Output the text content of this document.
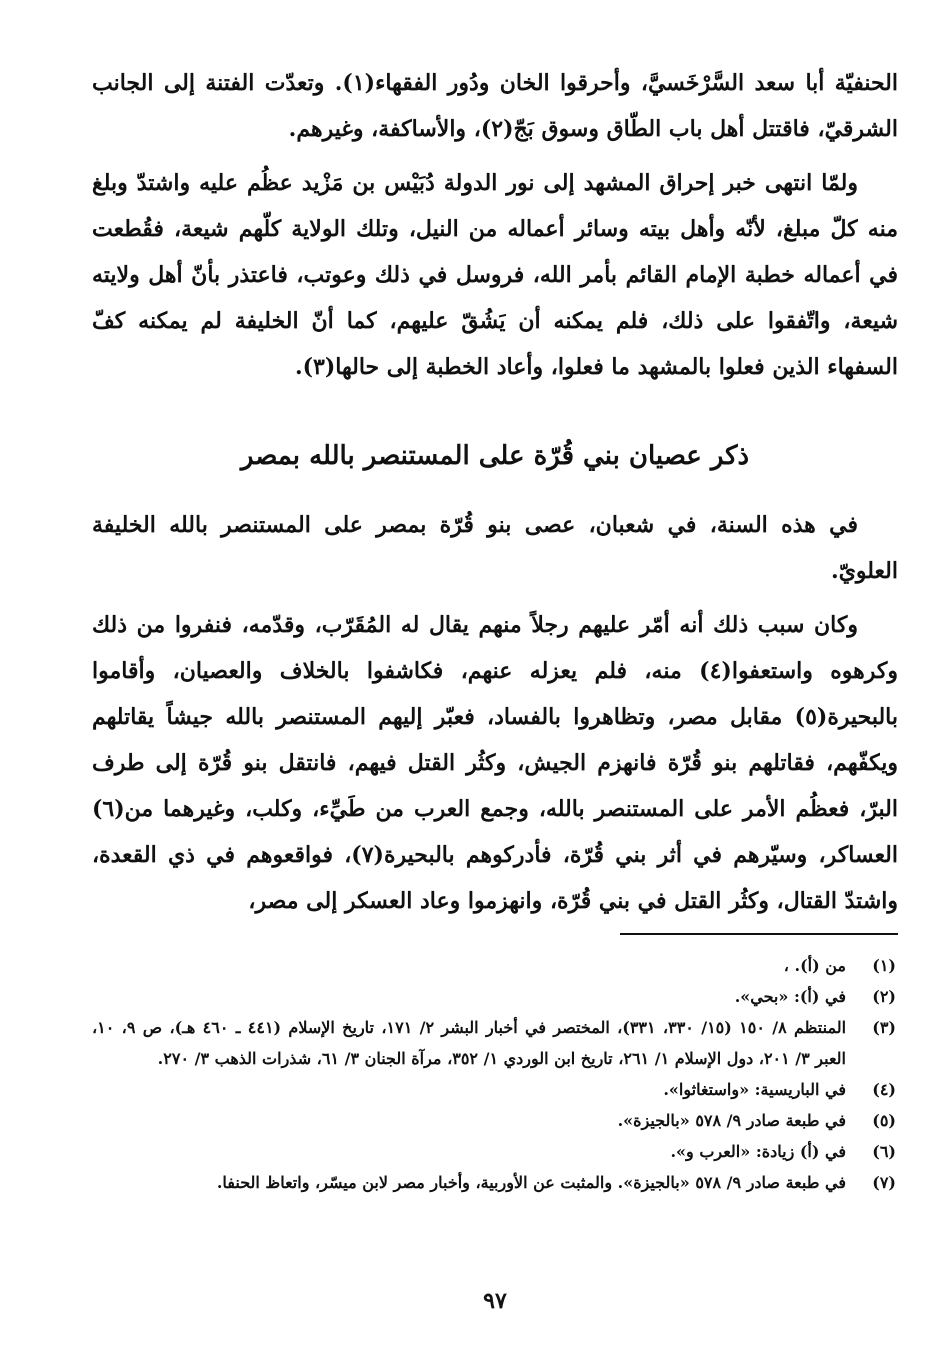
الحنفيّة أبا سعد السَّرْخَسيَّ، وأحرقوا الخان ودُور الفقهاء(١). وتعدّت الفتنة إلى الجانب الشرقيّ، فاقتتل أهل باب الطّاق وسوق بَجّ(٢)، والأساكفة، وغيرهم.

ولمّا انتهى خبر إحراق المشهد إلى نور الدولة دُبَيْس بن مَزْيد عظُم عليه واشتدّ وبلغ منه كلّ مبلغ، لأنّه وأهل بيته وسائر أعماله من النيل، وتلك الولاية كلّهم شيعة، فقُطعت في أعماله خطبة الإمام القائم بأمر الله، فروسل في ذلك وعوتب، فاعتذر بأنّ أهل ولايته شيعة، واتّفقوا على ذلك، فلم يمكنه أن يَشُقّ عليهم، كما أنّ الخليفة لم يمكنه كفّ السفهاء الذين فعلوا بالمشهد ما فعلوا، وأعاد الخطبة إلى حالها(٣).

ذكر عصيان بني قُرّة على المستنصر بالله بمصر

في هذه السنة، في شعبان، عصى بنو قُرّة بمصر على المستنصر بالله الخليفة العلويّ.

وكان سبب ذلك أنه أمّر عليهم رجلاً منهم يقال له المُقَرّب، وقدّمه، فنفروا من ذلك وكرهوه واستعفوا(٤) منه، فلم يعزله عنهم، فكاشفوا بالخلاف والعصيان، وأقاموا بالبحيرة(٥) مقابل مصر، وتظاهروا بالفساد، فعبّر إليهم المستنصر بالله جيشاً يقاتلهم ويكفّهم، فقاتلهم بنو قُرّة فانهزم الجيش، وكثُر القتل فيهم، فانتقل بنو قُرّة إلى طرف البرّ، فعظُم الأمر على المستنصر بالله، وجمع العرب من طَيِّء، وكلب، وغيرهما من(٦) العساكر، وسيّرهم في أثر بني قُرّة، فأدركوهم بالبحيرة(٧)، فواقعوهم في ذي القعدة، واشتدّ القتال، وكثُر القتل في بني قُرّة، وانهزموا وعاد العسكر إلى مصر،

(١)
من (أ). ،
(٢)
في (أ): «بحي».
(٣)
المنتظم ٨/ ١٥٠ (١٥/ ٣٣٠، ٣٣١)، المختصر في أخبار البشر ٢/ ١٧١، تاريخ الإسلام (٤٤١ ـ ٤٦٠ هـ)، ص ٩، ١٠، العبر ٣/ ٢٠١، دول الإسلام ١/ ٢٦١، تاريخ ابن الوردي ١/ ٣٥٢، مرآة الجنان ٣/ ٦١، شذرات الذهب ٣/ ٢٧٠.
(٤)
في الباريسية: «واستغاثوا».
(٥)
في طبعة صادر ٩/ ٥٧٨ «بالجيزة».
(٦)
في (أ) زيادة: «العرب و».
(٧)
في طبعة صادر ٩/ ٥٧٨ «بالجيزة». والمثبت عن الأوربية، وأخبار مصر لابن ميسّر، واتعاظ الحنفا.
٩٧
